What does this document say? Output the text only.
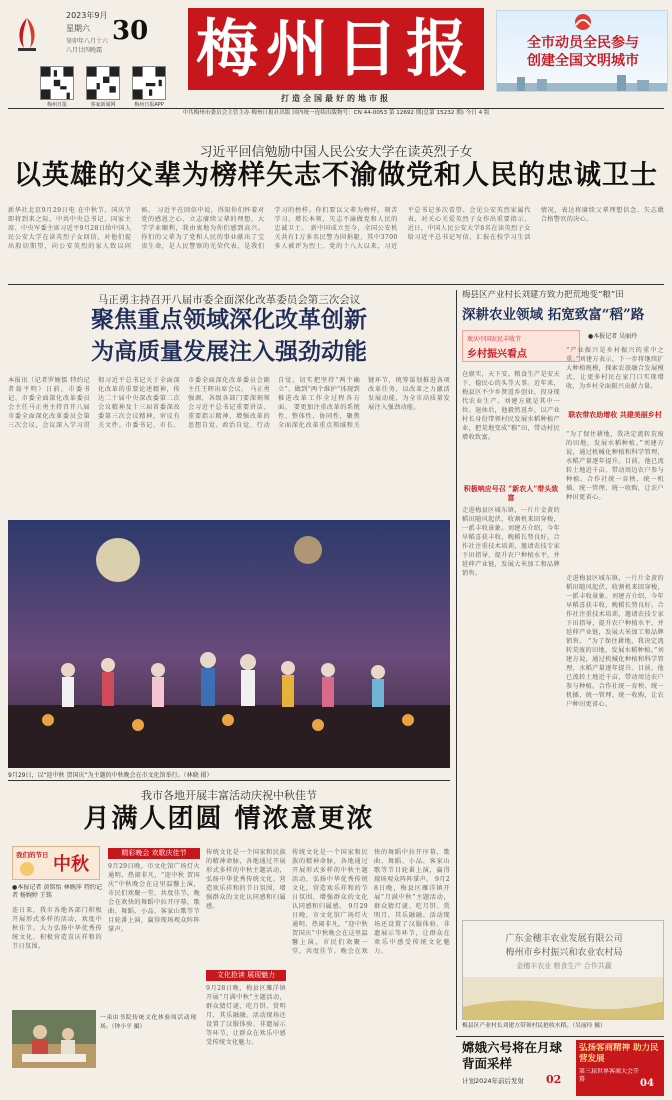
2023年9月
星期六 30
癸卯年八月十六
八月廿四晚霜
梅州日报	客家新闻网	梅州日报APP
梅州日报
打造全国最好的地市报
全市动员全民参与
创建全国文明城市
中共梅州市委员会主管主办 梅州日报社出版 国内统一连续出版物号：CN 44-0053 第 12692 期(总第 15232 期) 今日 4 版
习近平回信勉励中国人民公安大学在读英烈子女
以英雄的父辈为榜样矢志不渝做党和人民的忠诚卫士
新华社北京9月29日电 在中秋节、国庆节即将到来之际，中共中央总书记、国家主席、中央军委主席习近平9月28日给中国人民公安大学在读英烈子女回信，对他们提出殷切期望，向公安英烈的家人致以问候。 习近平在回信中说，得知你们怀着对党的感恩之心、立志赓续父辈的理想，大学学业顺利，我由衷地为你们感到高兴。你们的父辈为了党和人民的事业献出了宝贵生命，是人民警察的光荣代表，是我们学习的榜样。你们要以父辈为榜样，刻苦学习，增长本领，矢志不渝做党和人民的忠诚卫士。 新中国成立至今，全国公安机关共有1万多名民警为国捐躯，其中3700多人被评为烈士。党的十八大以来，习近平总书记多次看望、会见公安英烈家属代表，对关心关爱英烈子女作出重要指示。 近日，中国人民公安大学8名在读英烈子女给习近平总书记写信，汇报在校学习生活情况，表达将赓续父辈理想信念、矢志做合格警官的决心，
马正勇主持召开八届市委全面深化改革委员会第三次会议
聚焦重点领域深化改革创新
为高质量发展注入强劲动能
本报讯（记者罗婉儒 特约记者翁平明）日前，市委书记、市委全面深化改革委员会主任马正勇主持召开八届市委全面深化改革委员会第三次会议，会议深入学习贯彻习近平总书记关于全面深化改革的重要论述精神，传达二十届中央深改委第二次会议精神及十三届省委深改委第三次会议精神，审议有关文件。市委书记、市长、市委全面深化改革委员会副主任王晖出席会议。 马正勇强调，各级各部门要深刻领会习近平总书记重要讲话、重要指示精神，增强改革的思想自觉、政治自觉、行动自觉，切实把坚持“两个确立”、做到“两个维护”体现到推进改革工作全过程各方面。 要更加注重改革的系统性、整体性、协同性，聚焦全面深化改革重点领域和关键环节，统筹谋划推进各项改革任务，以改革之力激活发展动能，为全市高质量发展注入强劲动能。
9月29日，以“迎中秋 贺国庆”为主题的中秋晚会在市文化馆举行。（林晓 摄）
我市各地开展丰富活动庆祝中秋佳节
月满人团圆 情浓意更浓
我们的节日 中秋
●本报记者 黄铭怡 林婉萍 特约记者 杨婉婷 王铭
连日来，我市各地各部门积极开展形式多样的活动，欢度中秋佳节。大力弘扬中华优秀传统文化，积极营造喜庆祥和的节日氛围。
一束由书院传统文化体验周活动现场。（钟小平 摄）
精彩晚会 欢歌庆佳节
9月29日晚，市文化馆广场灯火通明、热闹非凡，“迎中秋 贺国庆”中秋晚会在这里温馨上演，市民们欢聚一堂，共度佳节。晚会在欢快的舞蹈中拉开序幕，歌曲、舞蹈、小品、客家山歌等节目轮番上演，赢得现场观众阵阵掌声。
传统文化是一个国家和民族的精神命脉，各地通过开展形式多样的中秋主题活动，弘扬中华优秀传统文化，营造欢乐祥和的节日氛围，增强群众的文化认同感和归属感。
文化抢读 展现魅力
9月28日晚，梅县区雁洋镇开展“月满中秋”主题活动，群众猜灯谜、吃月饼、赏明月，其乐融融。活动现场还设置了汉服体验、非遗展示等环节，让群众在欢乐中感受传统文化魅力。
传统文化是一个国家和民族的精神命脉，各地通过开展形式多样的中秋主题活动，弘扬中华优秀传统文化，营造欢乐祥和的节日氛围，增强群众的文化认同感和归属感。 9月29日晚，市文化馆广场灯火通明、热闹非凡，“迎中秋 贺国庆”中秋晚会在这里温馨上演，市民们欢聚一堂，共度佳节。晚会在欢快的舞蹈中拉开序幕，歌曲、舞蹈、小品、客家山歌等节目轮番上演，赢得现场观众阵阵掌声。 9月28日晚，梅县区雁洋镇开展“月满中秋”主题活动，群众猜灯谜、吃月饼、赏明月，其乐融融。活动现场还设置了汉服体验、非遗展示等环节，让群众在欢乐中感受传统文化魅力。
梅县区产业村长刘建方致力把荒地变“粮”田
深耕农业领域 拓宽致富“稻”路
欢庆中国农民丰收节
乡村振兴看点
●本报记者 吴丽玲
仓廪实，天下安。粮食生产是安天下、稳民心的头等大事。近年来，梅县区不少乡贤返乡创业，投身现代农业生产。刘建方就是其中一位。退休后，他毅然返乡，以产业村长身份带领村民发展水稻种植产业，把荒地变成“粮”田，带动村民增收致富。
“产业振兴是乡村振兴的重中之重。”刘建方表示，下一步将继续扩大种植规模，探索农旅融合发展模式，让更多村民在家门口实现增收，为乡村全面振兴贡献力量。
联农带农助增收 共建美丽乡村
“为了保住耕地，我决定流转荒废的田地，发展水稻种植。”刘建方说，通过机械化种植和科学管理，水稻产量逐年提升。目前，他已流转土地近千亩，带动周边农户参与种植。合作社统一育秧、统一机插、统一管理、统一收购，让农户种田更省心。
积极响应号召 “新农人”带头致富
走进梅县区城东镇，一片片金黄的稻田随风起伏，收割机来回穿梭，一派丰收景象。刘建方介绍，今年早稻喜获丰收，晚稻长势良好。合作社注重技术培训，邀请农技专家下田指导，提升农户种植水平，并延伸产业链，发展大米加工和品牌销售。
走进梅县区城东镇，一片片金黄的稻田随风起伏，收割机来回穿梭，一派丰收景象。刘建方介绍，今年早稻喜获丰收，晚稻长势良好。合作社注重技术培训，邀请农技专家下田指导，提升农户种植水平，并延伸产业链，发展大米加工和品牌销售。 “为了保住耕地，我决定流转荒废的田地，发展水稻种植。”刘建方说，通过机械化种植和科学管理，水稻产量逐年提升。目前，他已流转土地近千亩，带动周边农户参与种植。合作社统一育秧、统一机插、统一管理、统一收购，让农户种田更省心。
广东金穗丰农业发展有限公司
梅州市乡村振兴和农业农村局
金穗丰农业 粮食生产 合作共赢
梅县区产业村长刘建方带领村民抢收水稻。（吴丽玲 摄）
嫦娥六号将在月球背面采样
计划2024年前后发射	02
弘扬客商精神 助力民营发展
第三届世界客商大会开幕	04
